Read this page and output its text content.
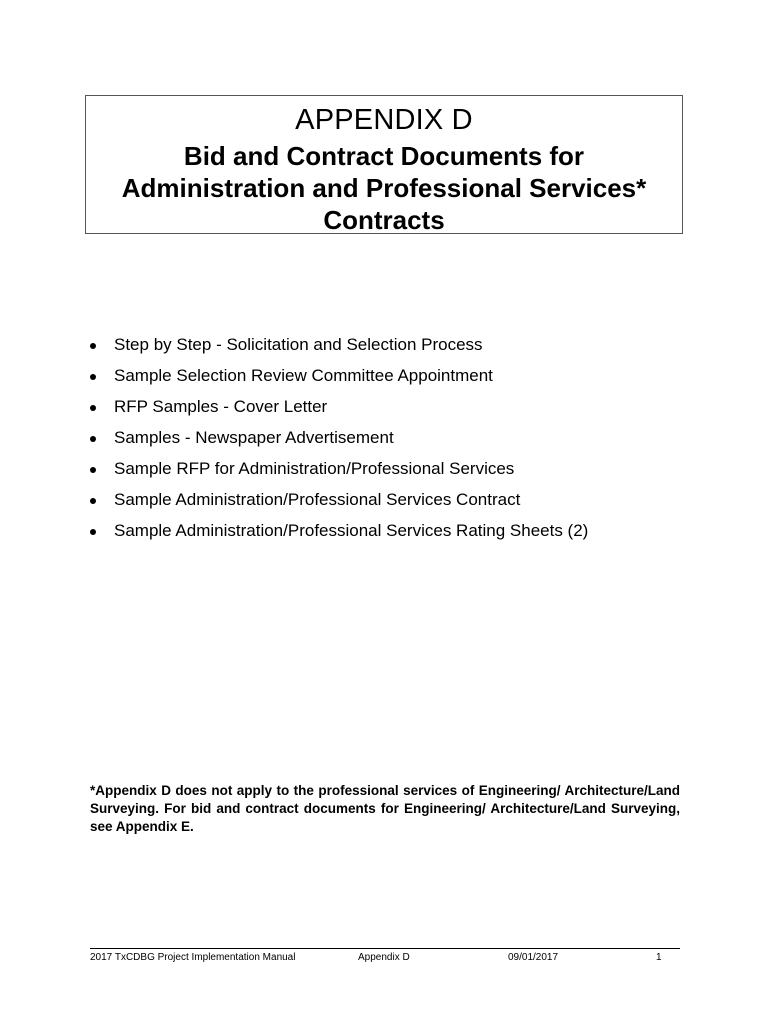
APPENDIX D
Bid and Contract Documents for
Administration and Professional Services*
Contracts
Step by Step - Solicitation and Selection Process
Sample Selection Review Committee Appointment
RFP Samples - Cover Letter
Samples - Newspaper Advertisement
Sample RFP for Administration/Professional Services
Sample Administration/Professional Services Contract
Sample Administration/Professional Services Rating Sheets (2)
*Appendix D does not apply to the professional services of Engineering/ Architecture/Land Surveying. For bid and contract documents for Engineering/ Architecture/Land Surveying, see Appendix E.
2017 TxCDBG Project Implementation Manual	Appendix D	09/01/2017	1
